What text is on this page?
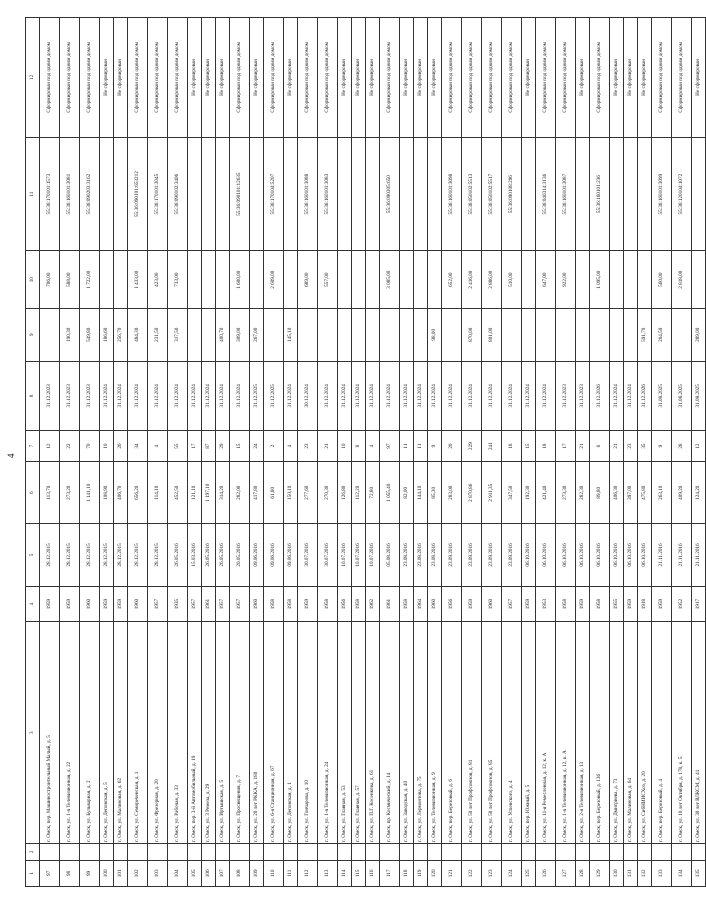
4
1	2	3	4	5	6	7	8	9	10	11	12
97		г. Омск, пер. Машиностроительный Малый, д. 5	1959	28.12.2015	113,70	12	31.12.2023		706,00	55:36:170101:1573	Сформирован под одним домом
98		г. Омск, ул. 1-я Телевизионная, д. 22	1959	28.12.2015	273,20	22	31.12.2023	190,30	588,00	55:36:160101:3081	Сформирован под одним домом
99		г. Омск, ул. Бульварная, д. 2	1960	28.12.2015	1 141,10	70	31.12.2023	549,80	1 722,00	55:36:090203:3162	Сформирован под одним домом
100		г. Омск, ул. Деповская, д. 5	1959	28.12.2015	108,90	10	31.12.2024	186,60			Не сформирован
101		г. Омск, ул. Малиновая, д. 62	1959	28.12.2015	406,70	26	31.12.2024	256,70			Не сформирован
102		г. Омск, ул. Семиреченская, д. 1	1960	28.12.2015	656,20	34	31.12.2024	484,30	1 433,00	55:36:090101:653212	Сформирован под одним домом
103		г. Омск, ул. Фрезерная, д. 20	1957	28.12.2015	114,10	4	31.12.2024	231,50	423,00	55:36:170101:3045	Сформирован под одним домом
104		г. Омск, ул. Рабочая, д. 33	1935	26.05.2016	452,50	55	31.12.2024	317,50	733,00	55:36:090102:3406	Сформирован под одним домом
105		г. Омск, пер. 3-й Автомобильный, д. 19	1957	15.03.2016	121,10	17	31.12.2024				Не сформирован
106		г. Омск, ул. 3 Ремеза, д. 29	1961	26.05.2016	1 197,10	87	31.12.2024				Не сформирован
107		г. Омск, ул. Иртышская, д. 5	1957	26.05.2016	314,20	29	31.12.2024	400,70			Не сформирован
108		г. Омск, ул. Просвещения, д. 7	1957	20.05.2016	282,00	15	31.12.2024	309,00	1 600,00	55:36:090101:12635	Сформирован под одним домом
109		г. Омск, ул. 20 лет РККА, д. 180	1960	09.06.2016	417,80	24	31.12.2025	267,00			Не сформирован
110		г. Омск, ул. 6-я Станционная, д. 67	1958	09.06.2016	61,80	2	31.12.2025		2 609,00	55:36:170104:5207	Сформирован под одним домом
111		г. Омск, ул. Деповская, д. 1	1958	09.06.2016	150,10	4	31.12.2024	145,10			Не сформирован
112		г. Омск, ул. Гончарова, д. 10	1959	30.07.2016	277,60	23	30.12.2024		689,00	55:36:160101:3088	Сформирован под одним домом
113		г. Омск, ул. 1-я Телевизионная, д. 24	1958	30.07.2016	270,30	21	31.12.2024		557,00	55:36:160101:3083	Сформирован под одним домом
114		г. Омск, ул. Главная, д. 53	1956	10.07.2016	126,80	10	31.12.2024				Не сформирован
115		г. Омск, ул. Главная, д. 57	1958	10.07.2016	112,20	8	31.12.2024				Не сформирован
116		г. Омск, ул. П.Г. Косенкова, д. 61	1962	10.07.2016	72,80	4	31.12.2024				Не сформирован
117		г. Омск, пр. Космический, д. 14	1961	05.08.2016	1 055,40	97	31.12.2024		3 085,00	55:36:090305:650	Сформирован под одним домом
118		г. Омск, ул. Заводская, д. 40	1958	23.08.2016	82,00	11	31.12.2024				Не сформирован
119		г. Омск, ул. Лермонтова, д. 75	1964	23.08.2016	144,10	11	31.12.2024				Не сформирован
120		г. Омск, ул. Телевизионная, д. 9	1960	23.08.2016	85,30	9	31.12.2024	98,00			Не сформирован
121		г. Омск, пер. Березовый, д. 6	1956	23.09.2016	283,00	20	31.12.2024		652,00	55:36:160101:3098	Сформирован под одним домом
122		г. Омск, ул. 50 лет Профсоюзов, д. 81	1959	23.09.2016	2 870,86	229	31.12.2024	870,00	2 416,00	55:36:050102:5513	Сформирован под одним домом
123		г. Омск, ул. 50 лет Профсоюзов, д. 85	1960	23.09.2016	2 911,35	241	31.12.2024	801,00	2 886,00	55:36:050102:5517	Сформирован под одним домом
124		г. Омск, ул. Успенского, д. 4	1957	23.09.2016	347,50	18	31.12.2024		510,00	55:36:090108:296	Сформирован под одним домом
125		г. Омск, пер. Южный, д. 5	1959	06.10.2016	192,30	15	31.12.2024				Не сформирован
126		г. Омск, ул. 11-я Ремесленная, д. 12, к. А	1953	06.10.2016	421,40	18	31.12.2024		647,00	55:36:040314:3136	Сформирован под одним домом
127		г. Омск, ул. 1-я Телевизионная, д. 12, к. А	1958	06.10.2016	273,30	17	31.12.2023		922,00	55:36:160101:3087	Сформирован под одним домом
128		г. Омск, ул. 2-я Телевизионная, д. 13	1959	06.10.2016	282,30	21	31.12.2023				Не сформирован
129		г. Омск, пер. Березовый, д. 136	1958	06.10.2016	89,80	6	31.12.2026		1 095,00	55:36:160101:236	Сформирован под одним домом
130		г. Омск, ул. Дмитриева, д. 73	1955	06.10.2016	406,30	21	31.12.2024				Не сформирован
131		г. Омск, ул. Малиновая, д. 64	1959	06.10.2016	397,00	23	31.12.2024				Не сформирован
132		г. Омск, ул. СибНИИСХоз, д. 20	1918	06.10.2016	475,80	35	31.12.2026	591,70			Не сформирован
133		г. Омск, пер. Березовый, д. 4	1959	21.11.2016	263,10	9	31.08.2025	204,50	560,00	55:36:160101:3099	Сформирован под одним домом
134		г. Омск, ул. 10 лет Октября, д. 178, к. 5	1952	21.11.2016	409,20	28	31.08.2025		2 818,00	55:36:120104:1072	Сформирован под одним домом
135		г. Омск, ул. 30 лет ВЛКСМ, д. 41	1917	21.11.2016	124,20	12	31.08.2025	289,00			Не сформирован
